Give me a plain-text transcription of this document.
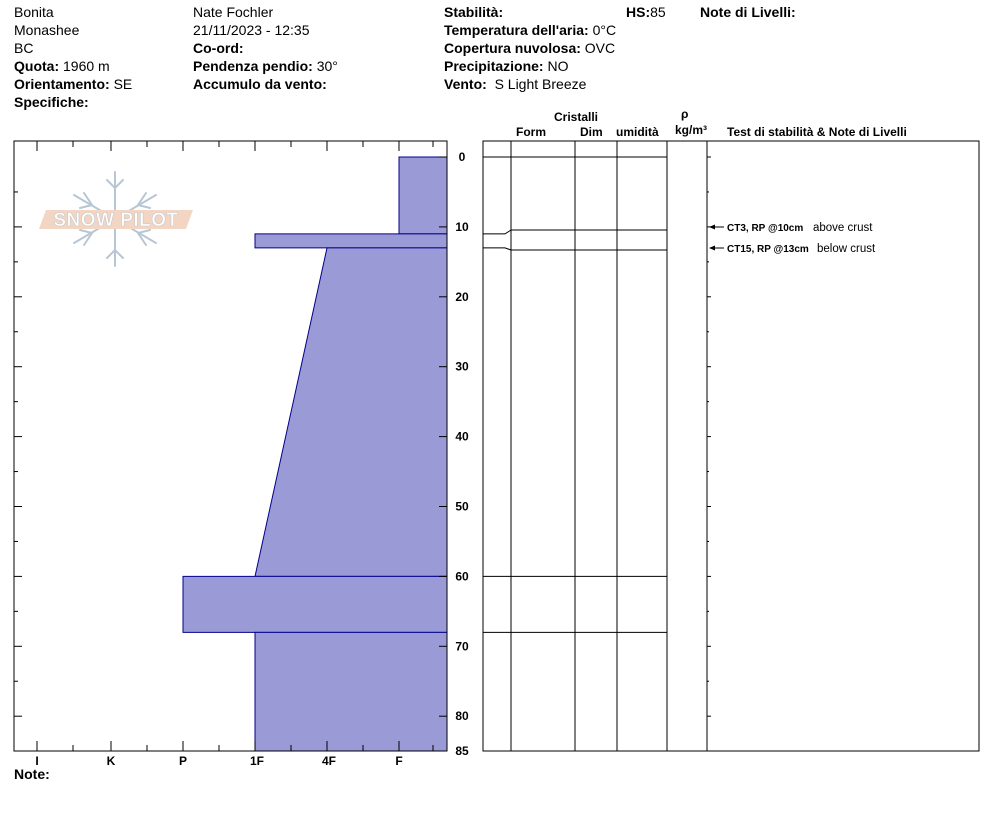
Bonita
Monashee
BC
Quota: 1960 m
Orientamento: SE
Specifiche:
Nate Fochler
21/11/2023 - 12:35
Co-ord:
Pendenza pendio: 30°
Accumulo da vento:
Stabilità:	HS:85
Temperatura dell'aria: 0°C
Copertura nuvolosa: OVC
Precipitazione: NO
Vento: S Light Breeze
Note di Livelli:
Cristalli
Form	Dim umidità
ρ
kg/m³ Test di stabilità & Note di Livelli
SNOW PILOT
I	K	P	1F	4F	F
0
10
20
30
40
50
60
70
80
85
CT3, RP @10cm above crust
CT15, RP @13cm below crust
Note:
